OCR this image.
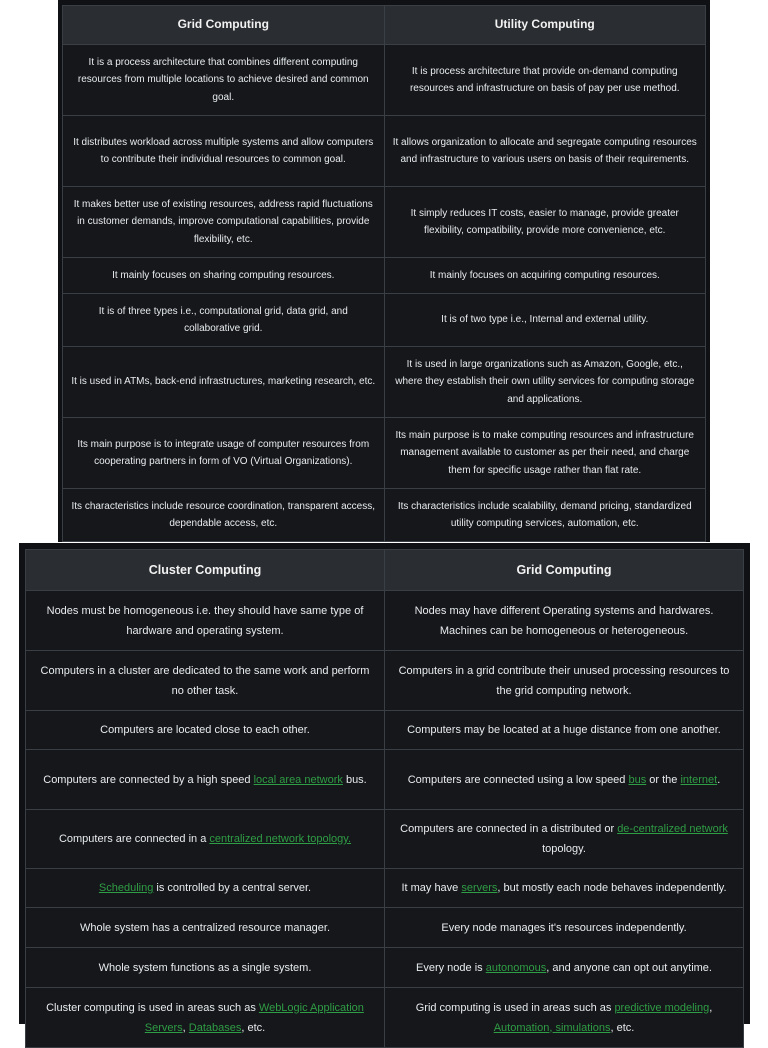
Grid Computing	Utility Computing
It is a process architecture that combines different computing resources from multiple locations to achieve desired and common goal.	It is process architecture that provide on-demand computing resources and infrastructure on basis of pay per use method.
It distributes workload across multiple systems and allow computers to contribute their individual resources to common goal.	It allows organization to allocate and segregate computing resources and infrastructure to various users on basis of their requirements.
It makes better use of existing resources, address rapid fluctuations in customer demands, improve computational capabilities, provide flexibility, etc.	It simply reduces IT costs, easier to manage, provide greater flexibility, compatibility, provide more convenience, etc.
It mainly focuses on sharing computing resources.	It mainly focuses on acquiring computing resources.
It is of three types i.e., computational grid, data grid, and collaborative grid.	It is of two type i.e., Internal and external utility.
It is used in ATMs, back-end infrastructures, marketing research, etc.	It is used in large organizations such as Amazon, Google, etc., where they establish their own utility services for computing storage and applications.
Its main purpose is to integrate usage of computer resources from cooperating partners in form of VO (Virtual Organizations).	Its main purpose is to make computing resources and infrastructure management available to customer as per their need, and charge them for specific usage rather than flat rate.
Its characteristics include resource coordination, transparent access, dependable access, etc.	Its characteristics include scalability, demand pricing, standardized utility computing services, automation, etc.
Cluster Computing	Grid Computing
Nodes must be homogeneous i.e. they should have same type of hardware and operating system.	Nodes may have different Operating systems and hardwares. Machines can be homogeneous or heterogeneous.
Computers in a cluster are dedicated to the same work and perform no other task.	Computers in a grid contribute their unused processing resources to the grid computing network.
Computers are located close to each other.	Computers may be located at a huge distance from one another.
Computers are connected by a high speed local area network bus.	Computers are connected using a low speed bus or the internet.
Computers are connected in a centralized network topology.	Computers are connected in a distributed or de-centralized network topology.
Scheduling is controlled by a central server.	It may have servers, but mostly each node behaves independently.
Whole system has a centralized resource manager.	Every node manages it's resources independently.
Whole system functions as a single system.	Every node is autonomous, and anyone can opt out anytime.
Cluster computing is used in areas such as WebLogic Application Servers, Databases, etc.	Grid computing is used in areas such as predictive modeling, Automation, simulations, etc.
